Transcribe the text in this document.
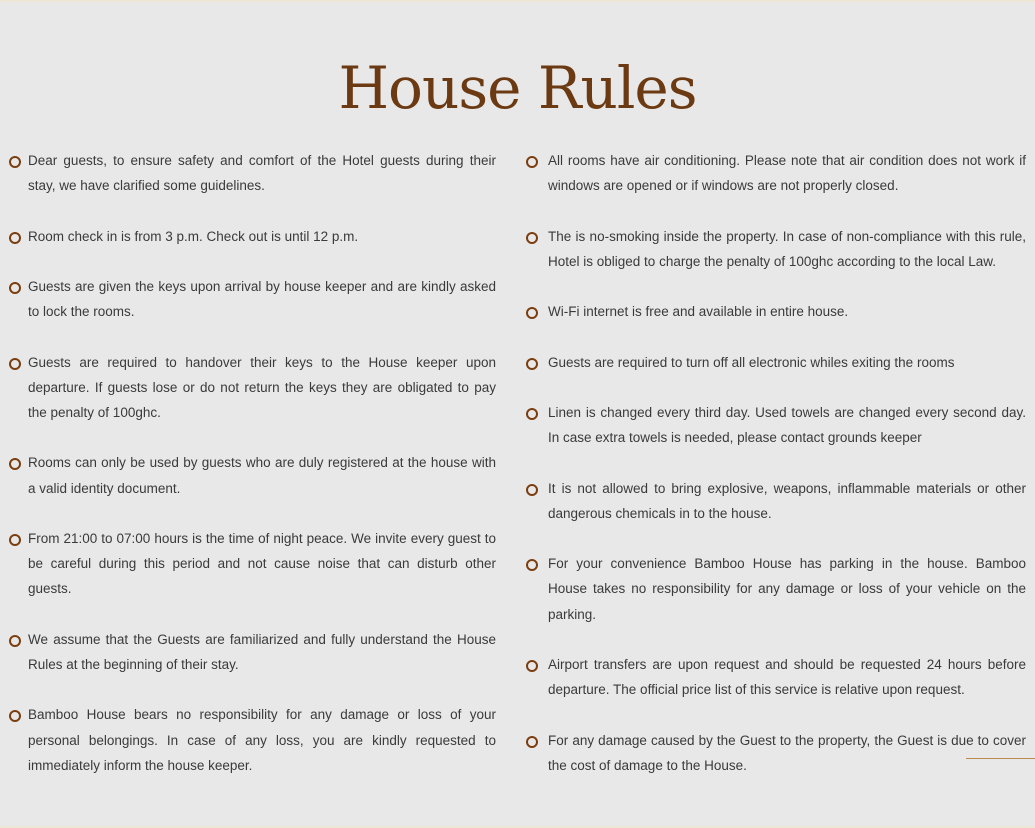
House Rules
Dear guests, to ensure safety and comfort of the Hotel guests during their stay, we have clarified some guidelines.
Room check in is from 3 p.m. Check out is until 12 p.m.
Guests are given the keys upon arrival by house keeper and are kindly asked to lock the rooms.
Guests are required to handover their keys to the House keeper upon departure. If guests lose or do not return the keys they are obligated to pay the penalty of 100ghc.
Rooms can only be used by guests who are duly registered at the house with a valid identity document.
From 21:00 to 07:00 hours is the time of night peace. We invite every guest to be careful during this period and not cause noise that can disturb other guests.
We assume that the Guests are familiarized and fully understand the House Rules at the beginning of their stay.
Bamboo House bears no responsibility for any damage or loss of your personal belongings. In case of any loss, you are kindly requested to immediately inform the house keeper.
All rooms have air conditioning. Please note that air condition does not work if windows are opened or if windows are not properly closed.
The is no-smoking inside the property. In case of non-compliance with this rule, Hotel is obliged to charge the penalty of 100ghc according to the local Law.
Wi-Fi internet is free and available in entire house.
Guests are required to turn off all electronic whiles exiting the rooms
Linen is changed every third day. Used towels are changed every second day. In case extra towels is needed, please contact grounds keeper
It is not allowed to bring explosive, weapons, inflammable materials or other dangerous chemicals in to the house.
For your convenience Bamboo House has parking in the house. Bamboo House takes no responsibility for any damage or loss of your vehicle on the parking.
Airport transfers are upon request and should be requested 24 hours before departure. The official price list of this service is relative upon request.
For any damage caused by the Guest to the property, the Guest is due to cover the cost of damage to the House.
